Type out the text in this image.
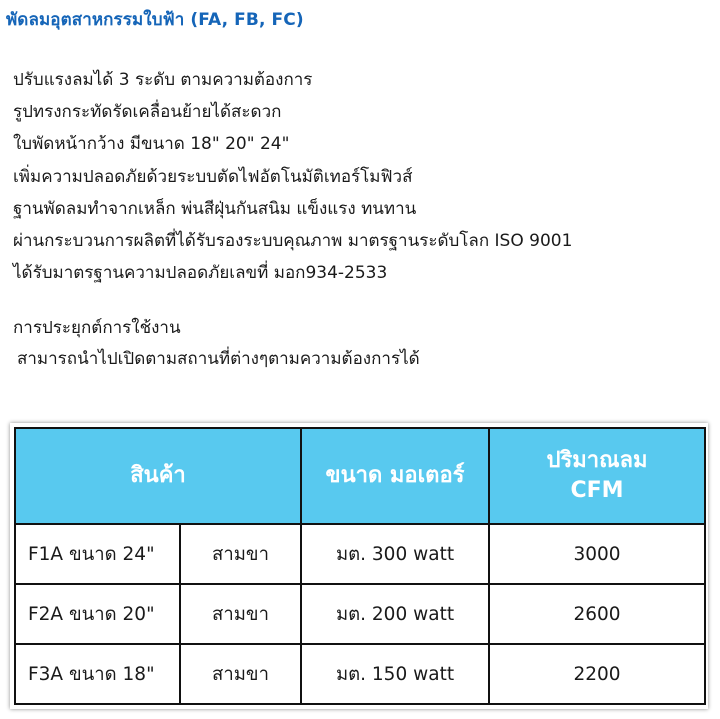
พัดลมอุตสาหกรรมใบฟ้า (FA, FB, FC)
ปรับแรงลมได้ 3 ระดับ ตามความต้องการ
รูปทรงกระทัดรัดเคลื่อนย้ายได้สะดวก
ใบพัดหน้ากว้าง มีขนาด 18" 20" 24"
เพิ่มความปลอดภัยด้วยระบบตัดไฟอัตโนมัติเทอร์โมฟิวส์
ฐานพัดลมทำจากเหล็ก พ่นสีฝุ่นกันสนิม แข็งแรง ทนทาน
ผ่านกระบวนการผลิตที่ได้รับรองระบบคุณภาพ มาตรฐานระดับโลก ISO 9001
ได้รับมาตรฐานความปลอดภัยเลขที่ มอก934-2533
การประยุกต์การใช้งาน
สามารถนำไปเปิดตามสถานที่ต่างๆตามความต้องการได้
สินค้า		ขนาด มอเตอร์	ปริมาณลม
CFM
F1A ขนาด 24"	สามขา	มต. 300 watt	3000
F2A ขนาด 20"	สามขา	มต. 200 watt	2600
F3A ขนาด 18"	สามขา	มต. 150 watt	2200
